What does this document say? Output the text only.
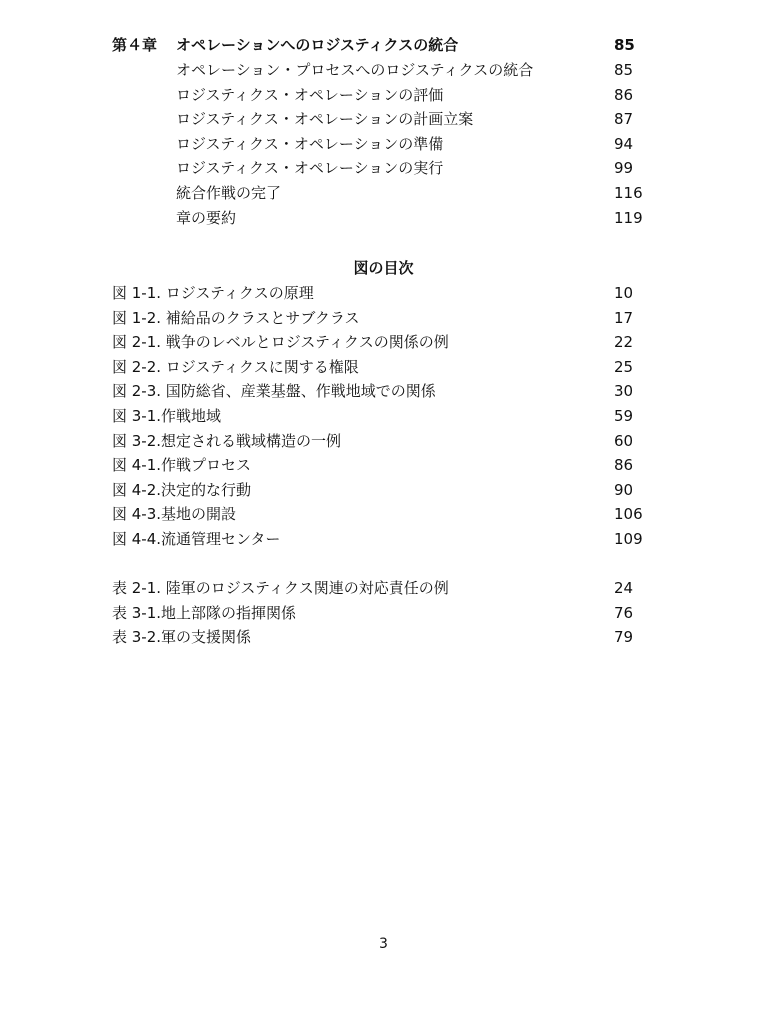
第４章 オペレーションへのロジスティクスの統合	85
オペレーション・プロセスへのロジスティクスの統合	85
ロジスティクス・オペレーションの評価	86
ロジスティクス・オペレーションの計画立案	87
ロジスティクス・オペレーションの準備	94
ロジスティクス・オペレーションの実行	99
統合作戦の完了	116
章の要約	119
図の目次
図 1-1. ロジスティクスの原理	10
図 1-2. 補給品のクラスとサブクラス	17
図 2-1. 戦争のレベルとロジスティクスの関係の例	22
図 2-2. ロジスティクスに関する権限	25
図 2-3. 国防総省、産業基盤、作戦地域での関係	30
図 3-1.作戦地域	59
図 3-2.想定される戦域構造の一例	60
図 4-1.作戦プロセス	86
図 4-2.決定的な行動	90
図 4-3.基地の開設	106
図 4-4.流通管理センター	109
表 2-1. 陸軍のロジスティクス関連の対応責任の例	24
表 3-1.地上部隊の指揮関係	76
表 3-2.軍の支援関係	79
3
